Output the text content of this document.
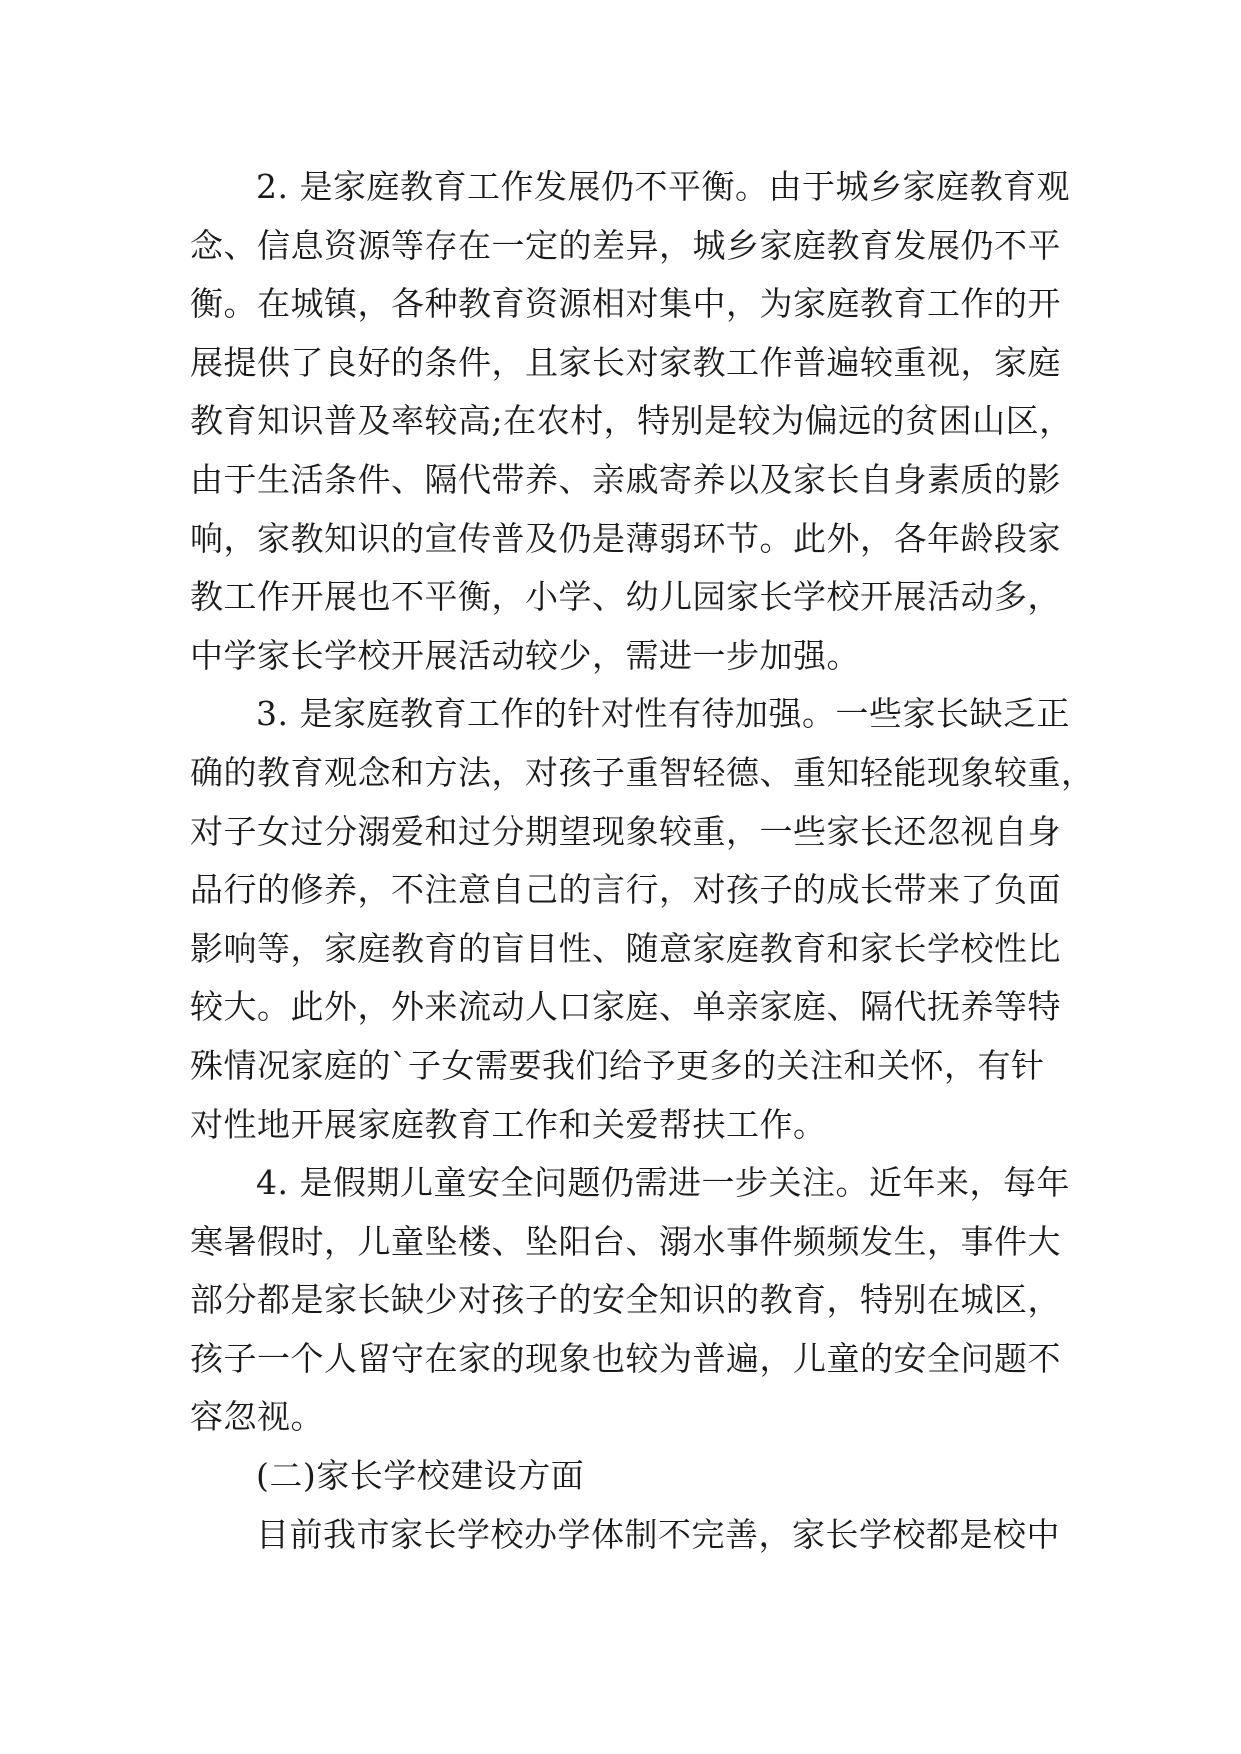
2. 是家庭教育工作发展仍不平衡。由于城乡家庭教育观
念、信息资源等存在一定的差异，城乡家庭教育发展仍不平
衡。在城镇，各种教育资源相对集中，为家庭教育工作的开
展提供了良好的条件，且家长对家教工作普遍较重视，家庭
教育知识普及率较高;在农村，特别是较为偏远的贫困山区，
由于生活条件、隔代带养、亲戚寄养以及家长自身素质的影
响，家教知识的宣传普及仍是薄弱环节。此外，各年龄段家
教工作开展也不平衡，小学、幼儿园家长学校开展活动多，
中学家长学校开展活动较少，需进一步加强。
3. 是家庭教育工作的针对性有待加强。一些家长缺乏正
确的教育观念和方法，对孩子重智轻德、重知轻能现象较重，
对子女过分溺爱和过分期望现象较重，一些家长还忽视自身
品行的修养，不注意自己的言行，对孩子的成长带来了负面
影响等，家庭教育的盲目性、随意家庭教育和家长学校性比
较大。此外，外来流动人口家庭、单亲家庭、隔代抚养等特
殊情况家庭的`子女需要我们给予更多的关注和关怀，有针
对性地开展家庭教育工作和关爱帮扶工作。
4. 是假期儿童安全问题仍需进一步关注。近年来，每年
寒暑假时，儿童坠楼、坠阳台、溺水事件频频发生，事件大
部分都是家长缺少对孩子的安全知识的教育，特别在城区，
孩子一个人留守在家的现象也较为普遍，儿童的安全问题不
容忽视。
(二)家长学校建设方面
目前我市家长学校办学体制不完善，家长学校都是校中
